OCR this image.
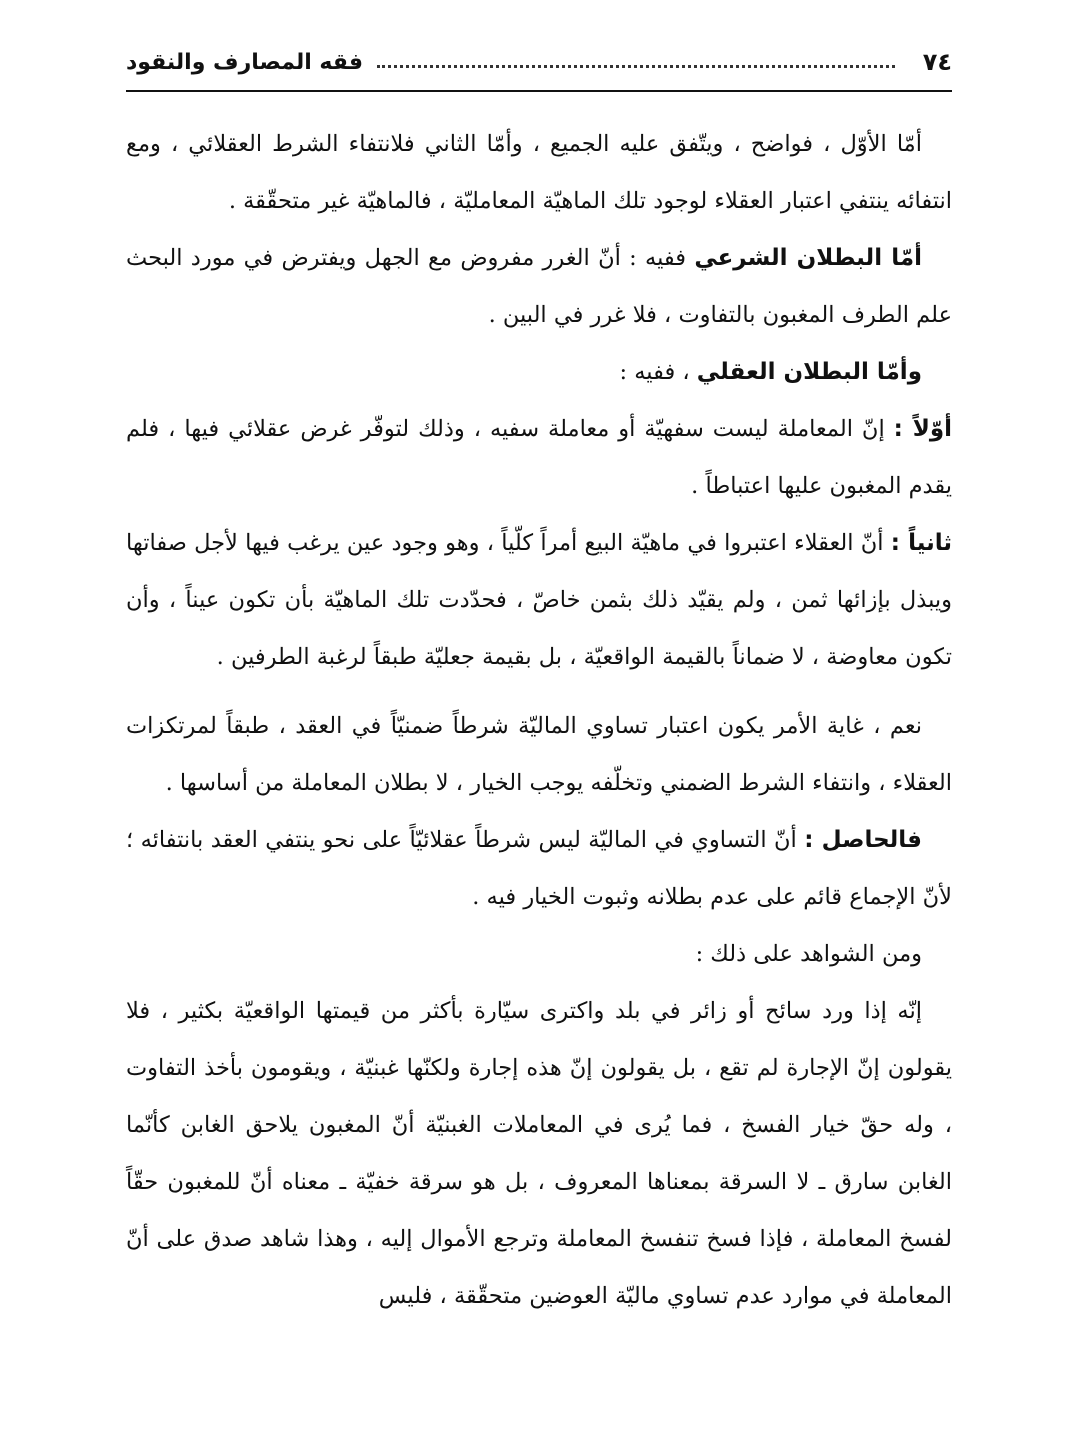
٧٤
فقه المصارف والنقود

أمّا الأوّل ، فواضح ، ويتّفق عليه الجميع ، وأمّا الثاني فلانتفاء الشرط العقلائي ، ومع انتفائه ينتفي اعتبار العقلاء لوجود تلك الماهيّة المعامليّة ، فالماهيّة غير متحقّقة .

أمّا البطلان الشرعي ففيه : أنّ الغرر مفروض مع الجهل ويفترض في مورد البحث علم الطرف المغبون بالتفاوت ، فلا غرر في البين .

وأمّا البطلان العقلي ، ففيه :

أوّلاً : إنّ المعاملة ليست سفهيّة أو معاملة سفيه ، وذلك لتوفّر غرض عقلائي فيها ، فلم يقدم المغبون عليها اعتباطاً .

ثانياً : أنّ العقلاء اعتبروا في ماهيّة البيع أمراً كلّياً ، وهو وجود عين يرغب فيها لأجل صفاتها ويبذل بإزائها ثمن ، ولم يقيّد ذلك بثمن خاصّ ، فحدّدت تلك الماهيّة بأن تكون عيناً ، وأن تكون معاوضة ، لا ضماناً بالقيمة الواقعيّة ، بل بقيمة جعليّة طبقاً لرغبة الطرفين .

نعم ، غاية الأمر يكون اعتبار تساوي الماليّة شرطاً ضمنيّاً في العقد ، طبقاً لمرتكزات العقلاء ، وانتفاء الشرط الضمني وتخلّفه يوجب الخيار ، لا بطلان المعاملة من أساسها .

فالحاصل : أنّ التساوي في الماليّة ليس شرطاً عقلائيّاً على نحو ينتفي العقد بانتفائه ؛ لأنّ الإجماع قائم على عدم بطلانه وثبوت الخيار فيه .

ومن الشواهد على ذلك :

إنّه إذا ورد سائح أو زائر في بلد واكترى سيّارة بأكثر من قيمتها الواقعيّة بكثير ، فلا يقولون إنّ الإجارة لم تقع ، بل يقولون إنّ هذه إجارة ولكنّها غبنيّة ، ويقومون بأخذ التفاوت ، وله حقّ خيار الفسخ ، فما يُرى في المعاملات الغبنيّة أنّ المغبون يلاحق الغابن كأنّما الغابن سارق ـ لا السرقة بمعناها المعروف ، بل هو سرقة خفيّة ـ معناه أنّ للمغبون حقّاً لفسخ المعاملة ، فإذا فسخ تنفسخ المعاملة وترجع الأموال إليه ، وهذا شاهد صدق على أنّ المعاملة في موارد عدم تساوي ماليّة العوضين متحقّقة ، فليس
